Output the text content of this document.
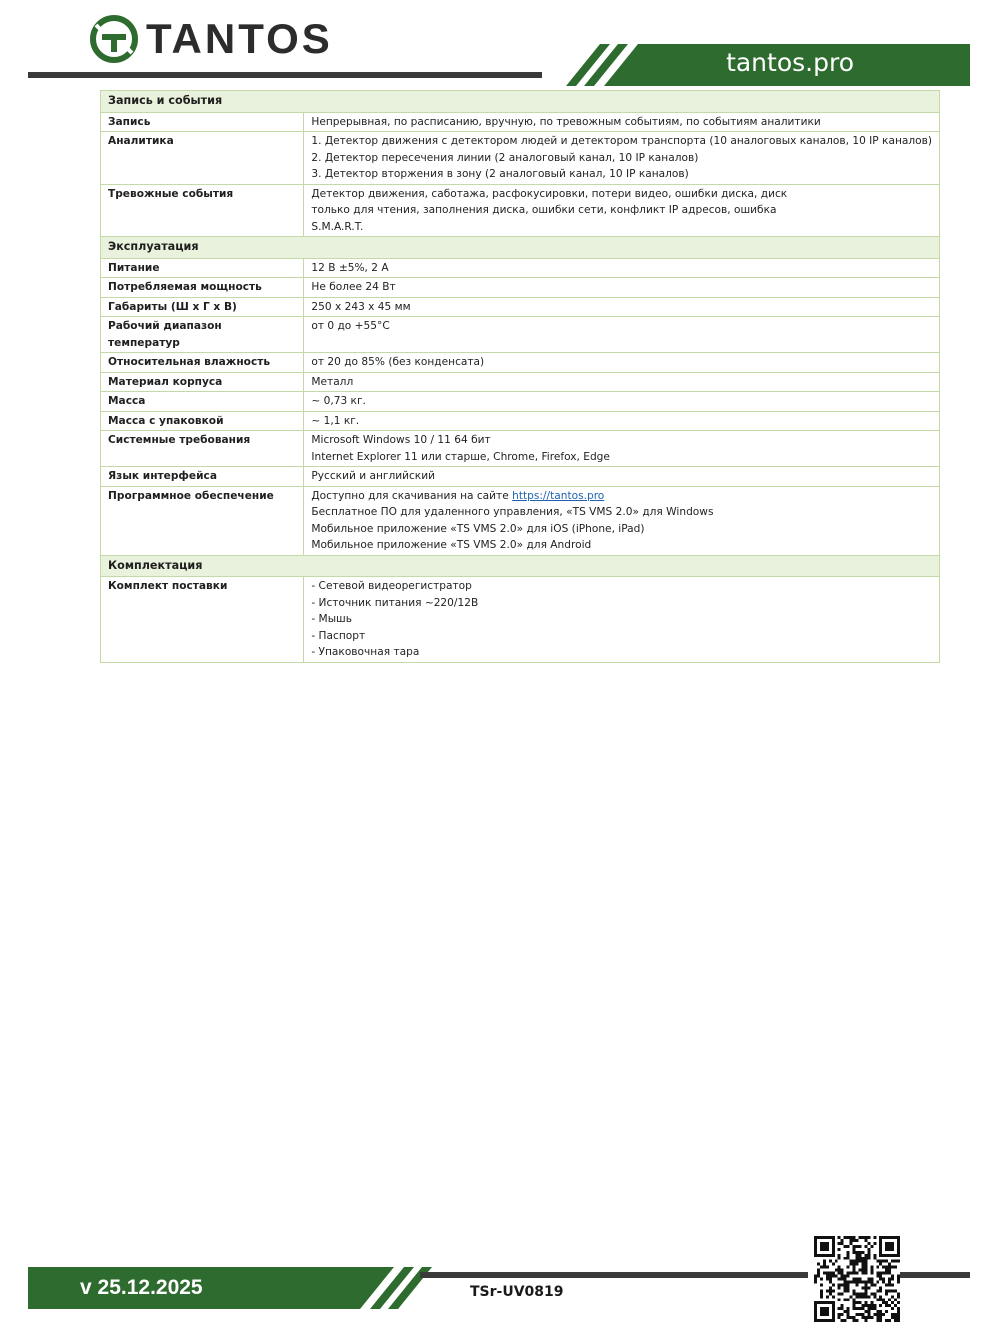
TANTOS
tantos.pro
Запись и события	
Запись	Непрерывная, по расписанию, вручную, по тревожным событиям, по событиям аналитики

Аналитика	1. Детектор движения с детектором людей и детектором транспорта (10 аналоговых каналов, 10 IP каналов)
2. Детектор пересечения линии (2 аналоговый канал, 10 IP каналов)
3. Детектор вторжения в зону (2 аналоговый канал, 10 IP каналов)

Тревожные события	Детектор движения, саботажа, расфокусировки, потери видео, ошибки диска, диск
только для чтения, заполнения диска, ошибки сети, конфликт IP адресов, ошибка
S.M.A.R.T.

Эксплуатация	
Питание	12 В ±5%, 2 А

Потребляемая мощность	Не более 24 Вт

Габариты (Ш х Г х В)	250 х 243 х 45 мм

Рабочий диапазон температур	от 0 до +55°С

Относительная влажность	от 20 до 85% (без конденсата)

Материал корпуса	Металл

Масса	~ 0,73 кг.

Масса с упаковкой	~ 1,1 кг.

Системные требования	Microsoft Windows 10 / 11 64 бит
Internet Explorer 11 или старше, Chrome, Firefox, Edge

Язык интерфейса	Русский и английский

Программное обеспечение	Доступно для скачивания на сайте https://tantos.pro
Бесплатное ПО для удаленного управления, «TS VMS 2.0» для Windows
Мобильное приложение «TS VMS 2.0» для iOS (iPhone, iPad)
Мобильное приложение «TS VMS 2.0» для Android

Комплектация	
Комплект поставки	- Сетевой видеорегистратор
- Источник питания ~220/12В
- Мышь
- Паспорт
- Упаковочная тара
v 25.12.2025	TSr-UV0819
